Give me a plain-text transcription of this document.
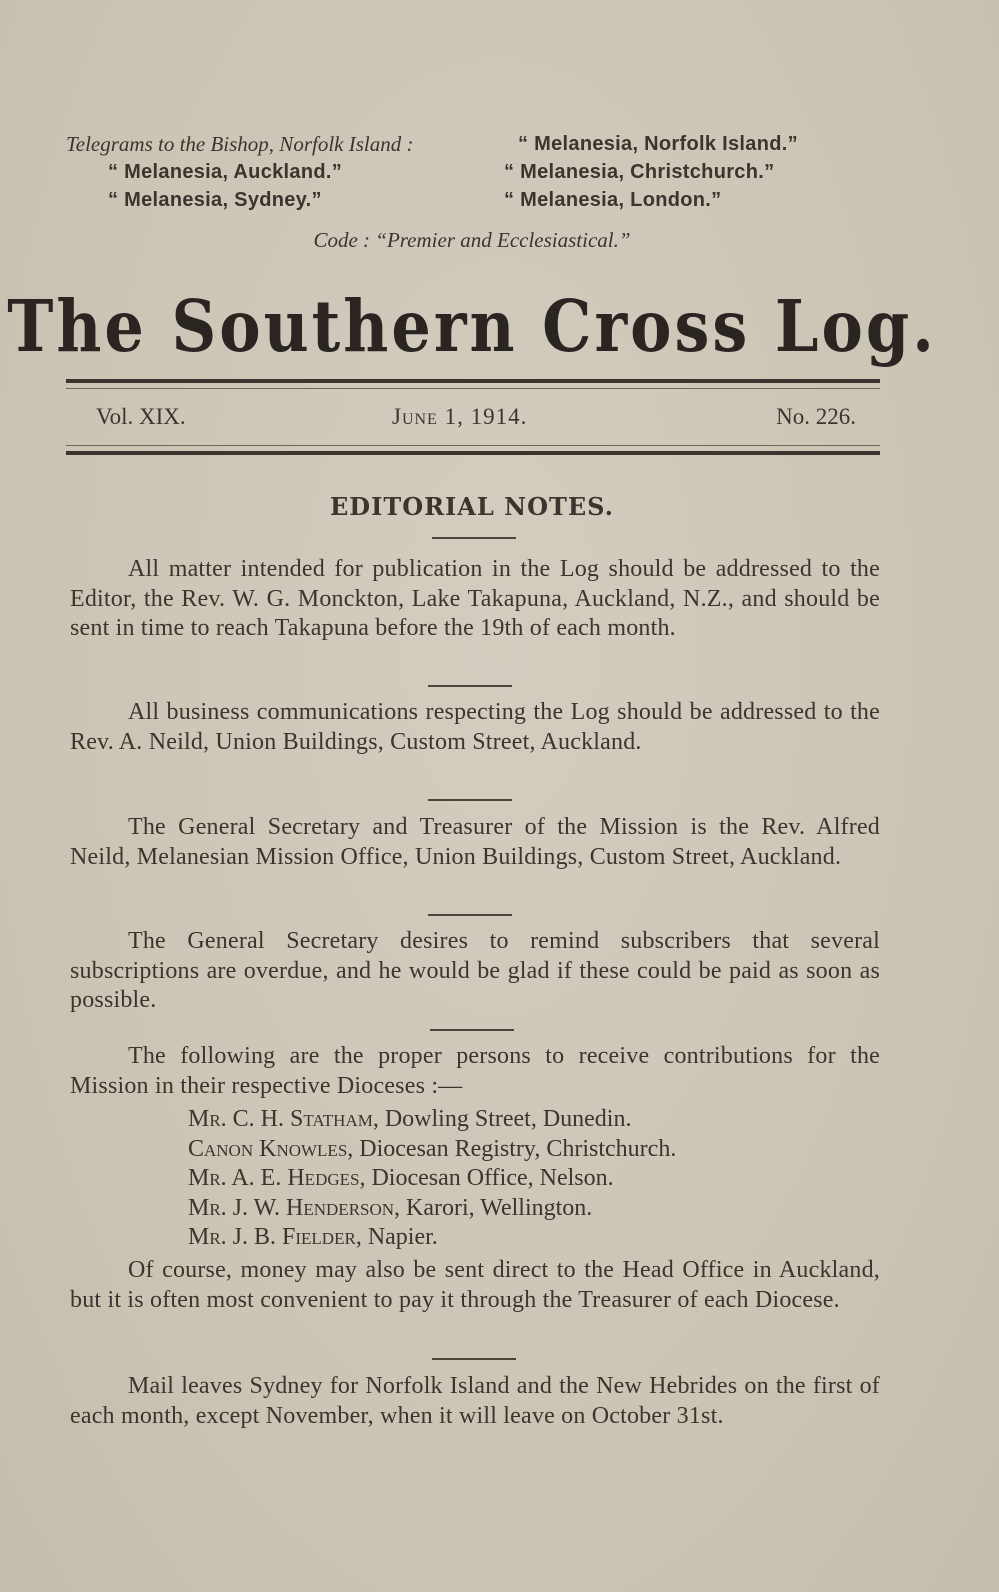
Telegrams to the Bishop, Norfolk Island :	“ Melanesia, Norfolk Island.”
“ Melanesia, Auckland.”	“ Melanesia, Christchurch.”
“ Melanesia, Sydney.”	“ Melanesia, London.”
Code : “Premier and Ecclesiastical.”
The Southern Cross Log.
Vol. XIX.	June 1, 1914.	No. 226.
EDITORIAL NOTES.
All matter intended for publication in the Log should be addressed to the Editor, the Rev. W. G. Monckton, Lake Takapuna, Auckland, N.Z., and should be sent in time to reach Takapuna before the 19th of each month.
All business communications respecting the Log should be addressed to the Rev. A. Neild, Union Buildings, Custom Street, Auckland.
The General Secretary and Treasurer of the Mission is the Rev. Alfred Neild, Melanesian Mission Office, Union Buildings, Custom Street, Auckland.
The General Secretary desires to remind subscribers that several subscriptions are overdue, and he would be glad if these could be paid as soon as possible.
The following are the proper persons to receive contributions for the Mission in their respective Dioceses :—
Mr. C. H. Statham, Dowling Street, Dunedin.
Canon Knowles, Diocesan Registry, Christchurch.
Mr. A. E. Hedges, Diocesan Office, Nelson.
Mr. J. W. Henderson, Karori, Wellington.
Mr. J. B. Fielder, Napier.
Of course, money may also be sent direct to the Head Office in Auckland, but it is often most convenient to pay it through the Treasurer of each Diocese.
Mail leaves Sydney for Norfolk Island and the New Hebrides on the first of each month, except November, when it will leave on October 31st.
